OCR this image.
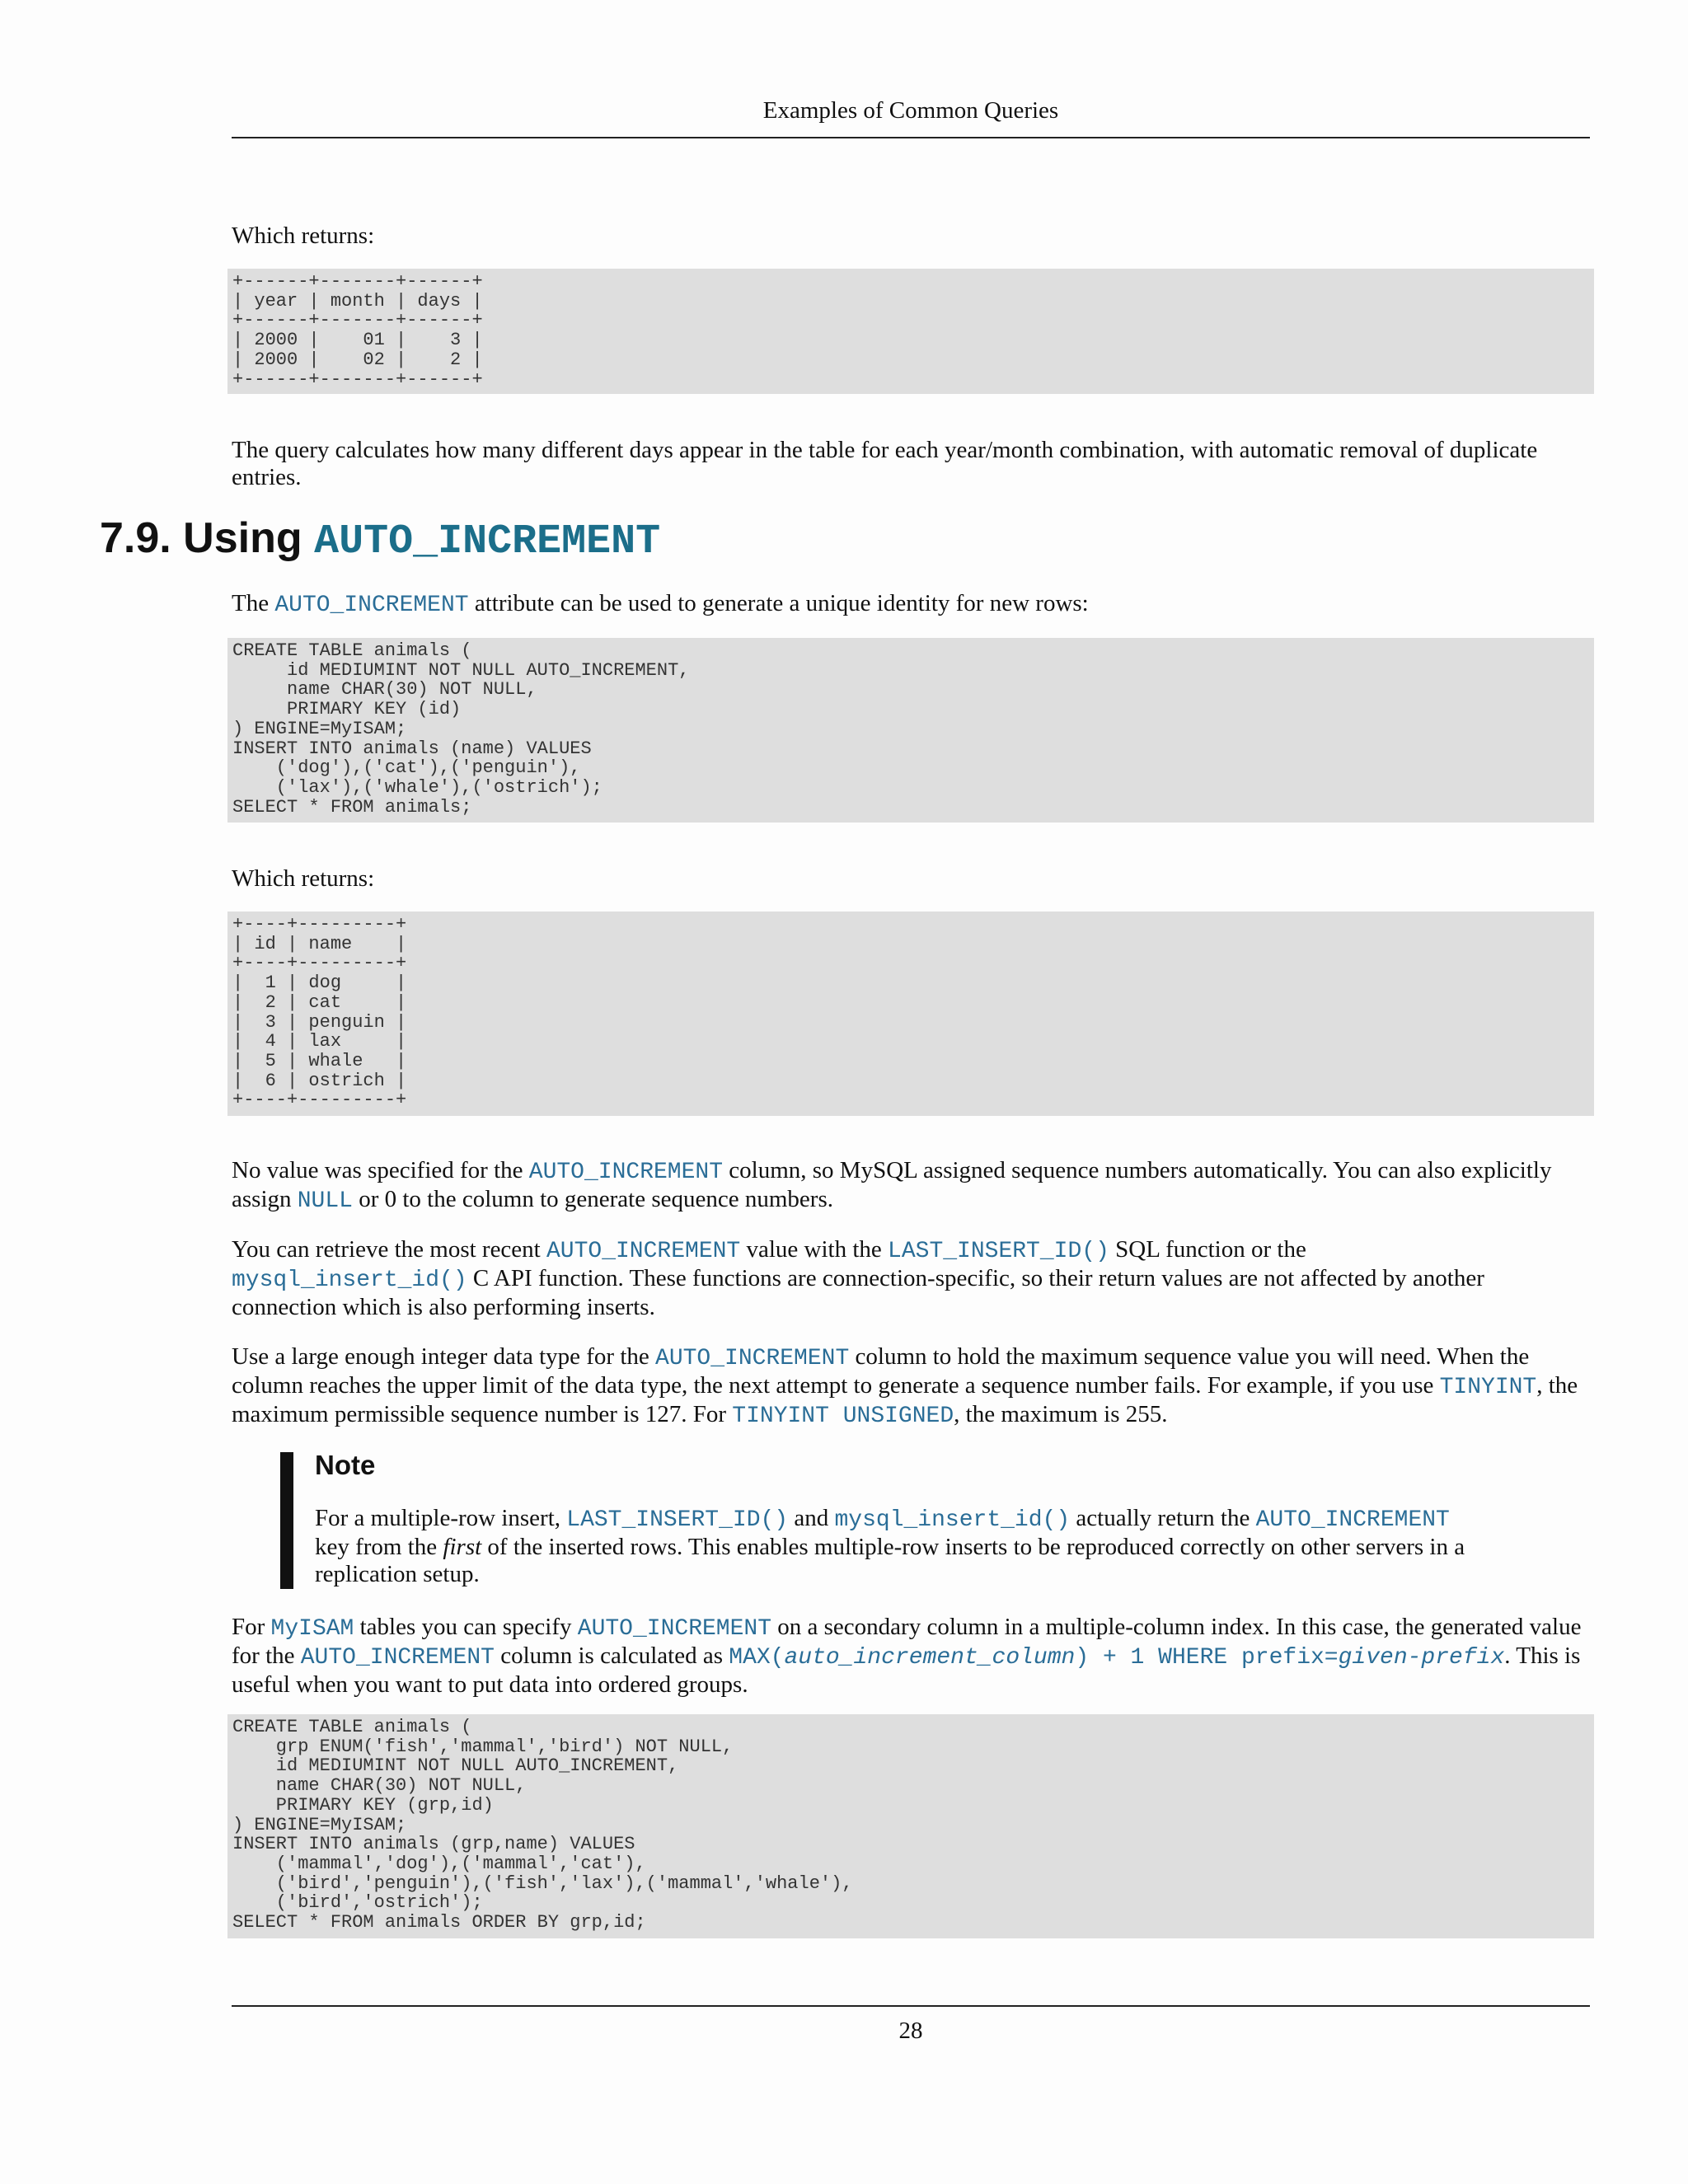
Examples of Common Queries

Which returns:

+------+-------+------+
| year | month | days |
+------+-------+------+
| 2000 |    01 |    3 |
| 2000 |    02 |    2 |
+------+-------+------+

The query calculates how many different days appear in the table for each year/month combination, with automatic removal of duplicate entries.

7.9. Using AUTO_INCREMENT

The AUTO_INCREMENT attribute can be used to generate a unique identity for new rows:

CREATE TABLE animals (
id MEDIUMINT NOT NULL AUTO_INCREMENT,
name CHAR(30) NOT NULL,
PRIMARY KEY (id)
) ENGINE=MyISAM;
INSERT INTO animals (name) VALUES
('dog'),('cat'),('penguin'),
('lax'),('whale'),('ostrich');
SELECT * FROM animals;

Which returns:

+----+---------+
| id | name    |
+----+---------+
|  1 | dog     |
|  2 | cat     |
|  3 | penguin |
|  4 | lax     |
|  5 | whale   |
|  6 | ostrich |
+----+---------+

No value was specified for the AUTO_INCREMENT column, so MySQL assigned sequence numbers automatically. You can also explicitly assign NULL or 0 to the column to generate sequence numbers.

You can retrieve the most recent AUTO_INCREMENT value with the LAST_INSERT_ID() SQL function or the
mysql_insert_id() C API function. These functions are connection-specific, so their return values are not affected by another connection which is also performing inserts.

Use a large enough integer data type for the AUTO_INCREMENT column to hold the maximum sequence value you will need. When the column reaches the upper limit of the data type, the next attempt to generate a sequence number fails. For example, if you use TINYINT, the maximum permissible sequence number is 127. For TINYINT UNSIGNED, the maximum is 255.

Note

For a multiple-row insert, LAST_INSERT_ID() and mysql_insert_id() actually return the AUTO_INCREMENT
key from the first of the inserted rows. This enables multiple-row inserts to be reproduced correctly on other servers in a replication setup.

For MyISAM tables you can specify AUTO_INCREMENT on a secondary column in a multiple-column index. In this case, the generated value for the AUTO_INCREMENT column is calculated as MAX(auto_increment_column) + 1 WHERE prefix=given-prefix. This is useful when you want to put data into ordered groups.

CREATE TABLE animals (
grp ENUM('fish','mammal','bird') NOT NULL,
id MEDIUMINT NOT NULL AUTO_INCREMENT,
name CHAR(30) NOT NULL,
PRIMARY KEY (grp,id)
) ENGINE=MyISAM;
INSERT INTO animals (grp,name) VALUES
('mammal','dog'),('mammal','cat'),
('bird','penguin'),('fish','lax'),('mammal','whale'),
('bird','ostrich');
SELECT * FROM animals ORDER BY grp,id;
28
